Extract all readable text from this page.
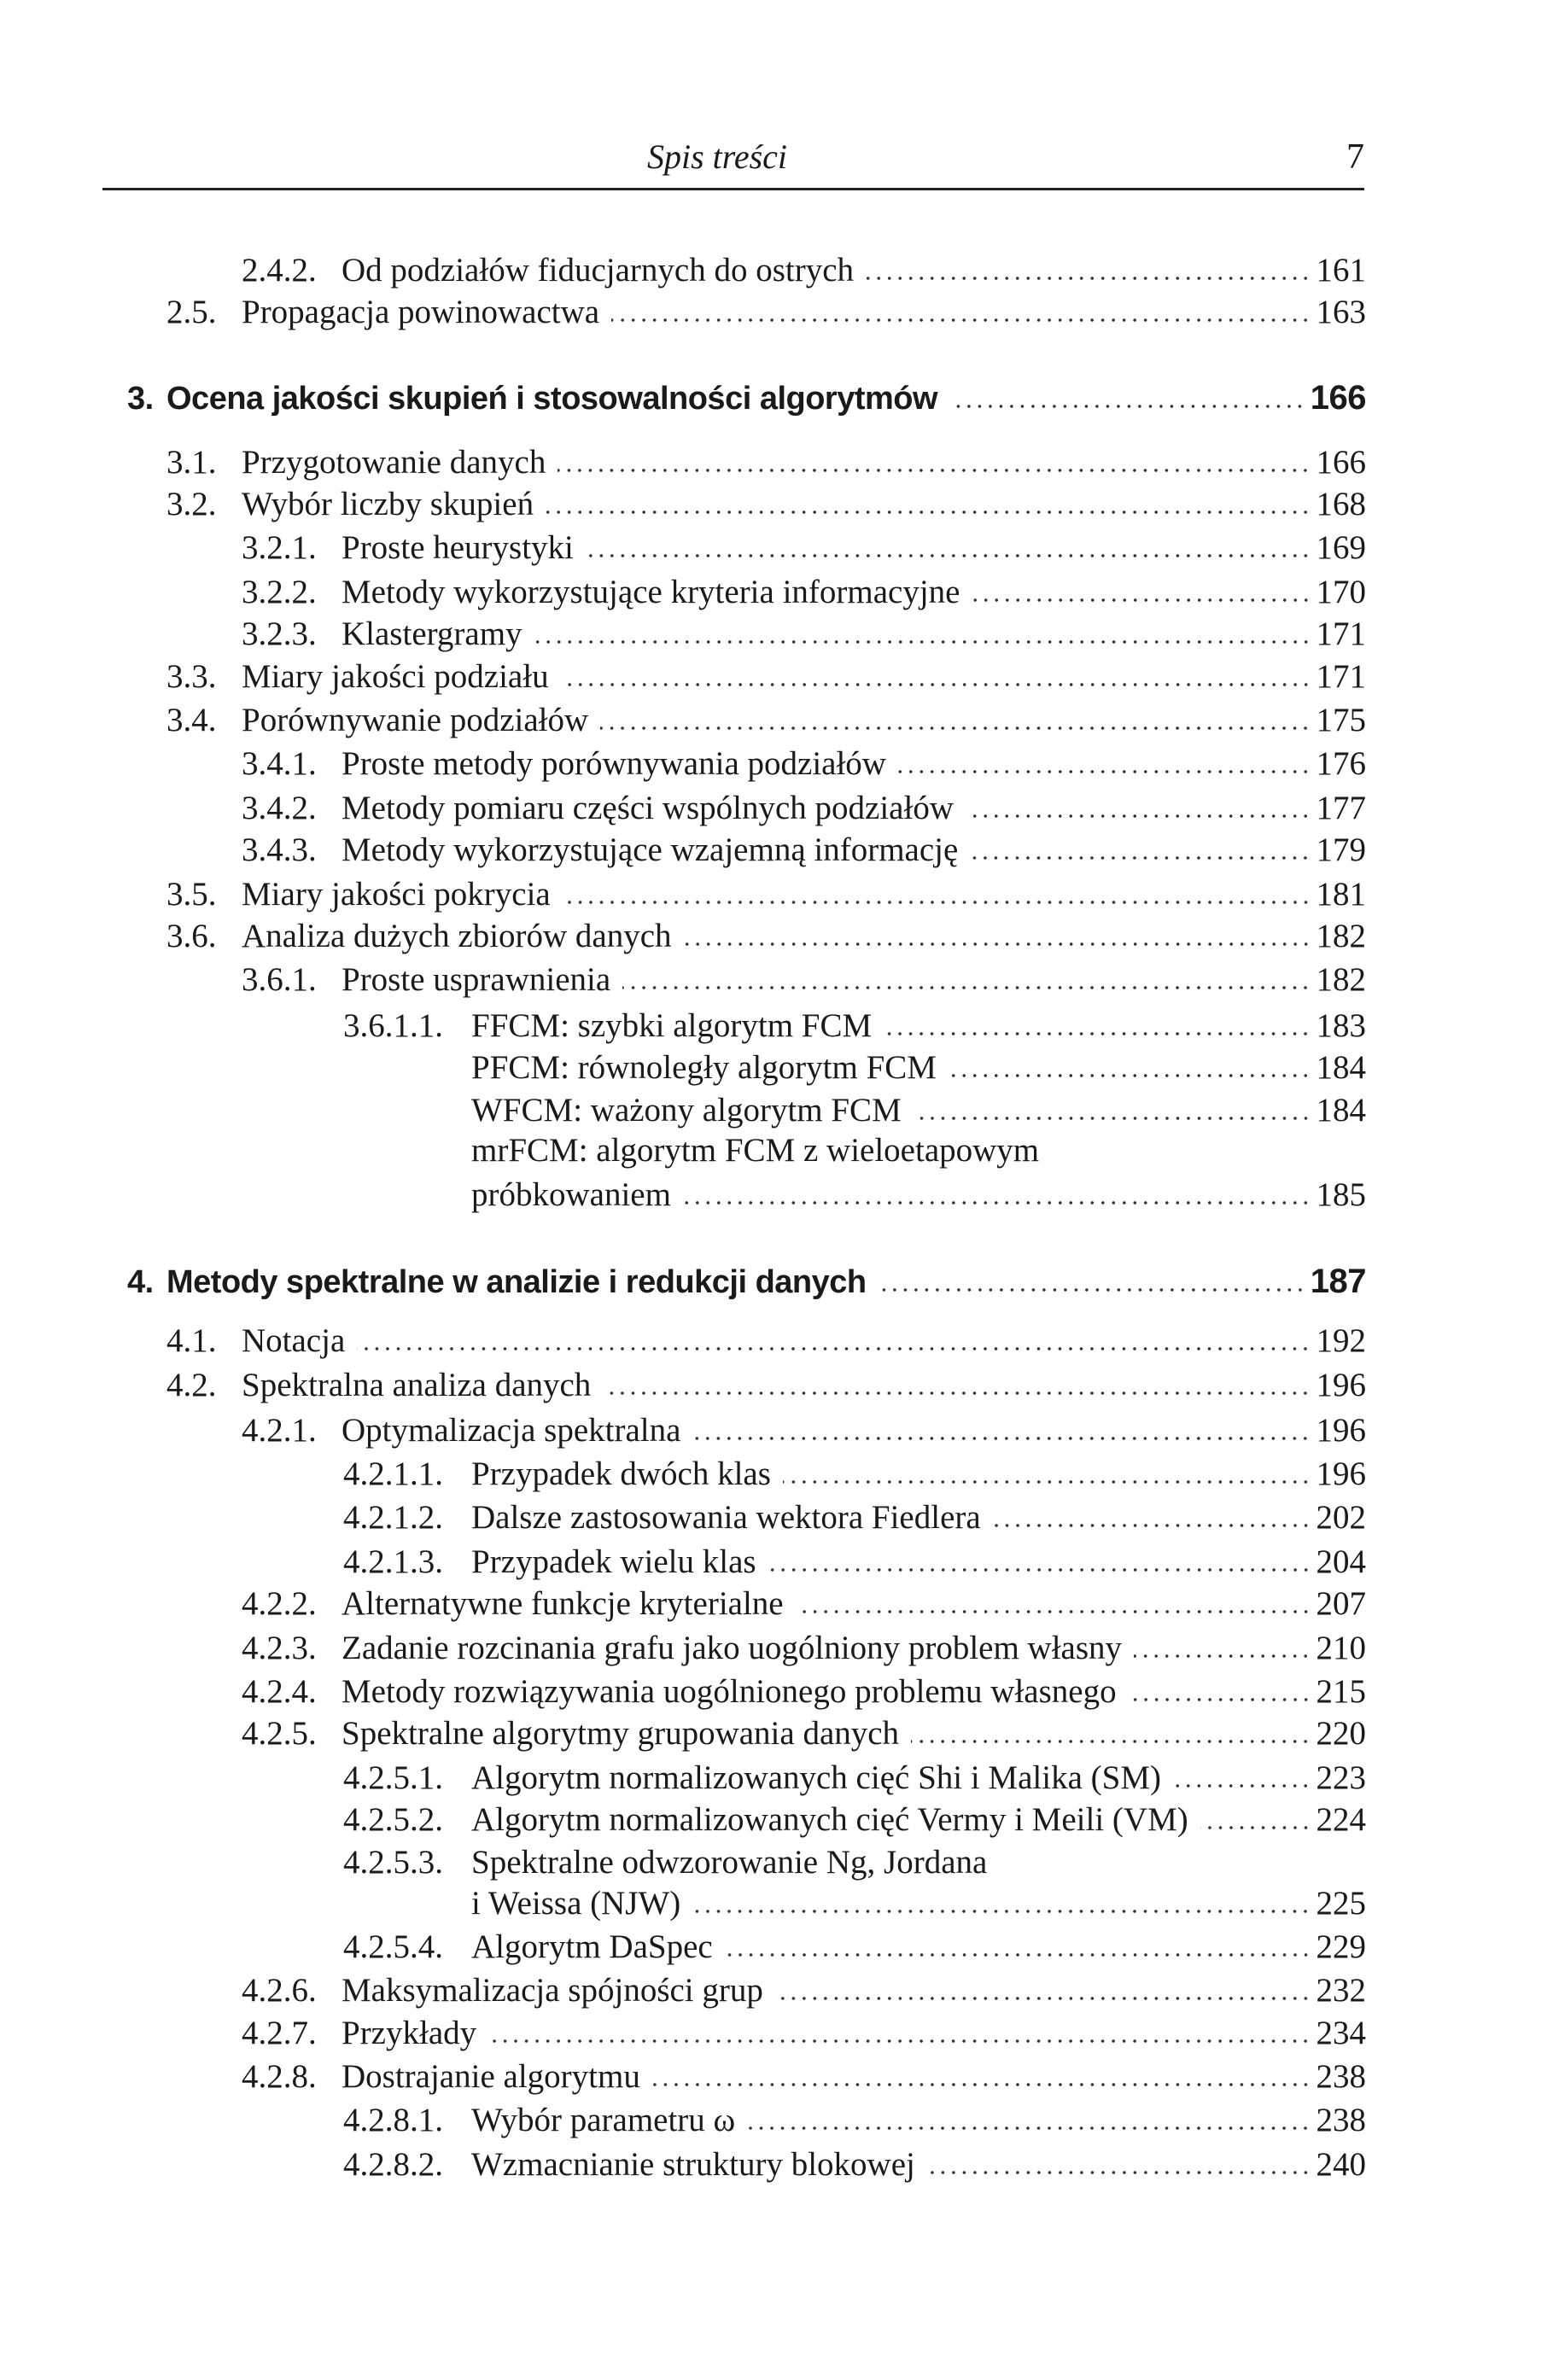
Spis treści	7
2.4.2. Od podziałów fiducjarnych do ostrych	161
2.5. Propagacja powinowactwa	163
3. Ocena jakości skupień i stosowalności algorytmów	166
3.1. Przygotowanie danych	166
3.2. Wybór liczby skupień	168
3.2.1. Proste heurystyki	169
3.2.2. Metody wykorzystujące kryteria informacyjne	170
3.2.3. Klastergramy	171
3.3. Miary jakości podziału	171
3.4. Porównywanie podziałów	175
3.4.1. Proste metody porównywania podziałów	176
3.4.2. Metody pomiaru części wspólnych podziałów	177
3.4.3. Metody wykorzystujące wzajemną informację	179
3.5. Miary jakości pokrycia	181
3.6. Analiza dużych zbiorów danych	182
3.6.1. Proste usprawnienia	182
3.6.1.1. FFCM: szybki algorytm FCM	183
PFCM: równoległy algorytm FCM	184
WFCM: ważony algorytm FCM	184
mrFCM: algorytm FCM z wieloetapowym
próbkowaniem	185
4. Metody spektralne w analizie i redukcji danych	187
4.1. Notacja	192
4.2. Spektralna analiza danych	196
4.2.1. Optymalizacja spektralna	196
4.2.1.1. Przypadek dwóch klas	196
4.2.1.2. Dalsze zastosowania wektora Fiedlera	202
4.2.1.3. Przypadek wielu klas	204
4.2.2. Alternatywne funkcje kryterialne	207
4.2.3. Zadanie rozcinania grafu jako uogólniony problem własny	210
4.2.4. Metody rozwiązywania uogólnionego problemu własnego	215
4.2.5. Spektralne algorytmy grupowania danych	220
4.2.5.1. Algorytm normalizowanych cięć Shi i Malika (SM)	223
4.2.5.2. Algorytm normalizowanych cięć Vermy i Meili (VM)	224
4.2.5.3. Spektralne odwzorowanie Ng, Jordana
i Weissa (NJW)	225
4.2.5.4. Algorytm DaSpec	229
4.2.6. Maksymalizacja spójności grup	232
4.2.7. Przykłady	234
4.2.8. Dostrajanie algorytmu	238
4.2.8.1. Wybór parametru ω	238
4.2.8.2. Wzmacnianie struktury blokowej	240
